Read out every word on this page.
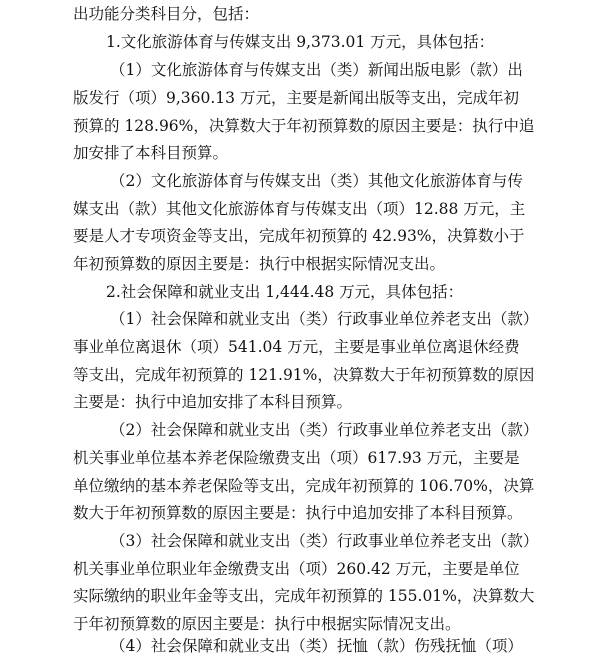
出功能分类科目分，包括：
1.文化旅游体育与传媒支出 9,373.01 万元，具体包括：
（1）文化旅游体育与传媒支出（类）新闻出版电影（款）出
版发行（项）9,360.13 万元，主要是新闻出版等支出，完成年初
预算的 128.96%，决算数大于年初预算数的原因主要是：执行中追
加安排了本科目预算。
（2）文化旅游体育与传媒支出（类）其他文化旅游体育与传
媒支出（款）其他文化旅游体育与传媒支出（项）12.88 万元，主
要是人才专项资金等支出，完成年初预算的 42.93%，决算数小于
年初预算数的原因主要是：执行中根据实际情况支出。
2.社会保障和就业支出 1,444.48 万元，具体包括：
（1）社会保障和就业支出（类）行政事业单位养老支出（款）
事业单位离退休（项）541.04 万元，主要是事业单位离退休经费
等支出，完成年初预算的 121.91%，决算数大于年初预算数的原因
主要是：执行中追加安排了本科目预算。
（2）社会保障和就业支出（类）行政事业单位养老支出（款）
机关事业单位基本养老保险缴费支出（项）617.93 万元，主要是
单位缴纳的基本养老保险等支出，完成年初预算的 106.70%，决算
数大于年初预算数的原因主要是：执行中追加安排了本科目预算。
（3）社会保障和就业支出（类）行政事业单位养老支出（款）
机关事业单位职业年金缴费支出（项）260.42 万元，主要是单位
实际缴纳的职业年金等支出，完成年初预算的 155.01%，决算数大
于年初预算数的原因主要是：执行中根据实际情况支出。
（4）社会保障和就业支出（类）抚恤（款）伤残抚恤（项）
